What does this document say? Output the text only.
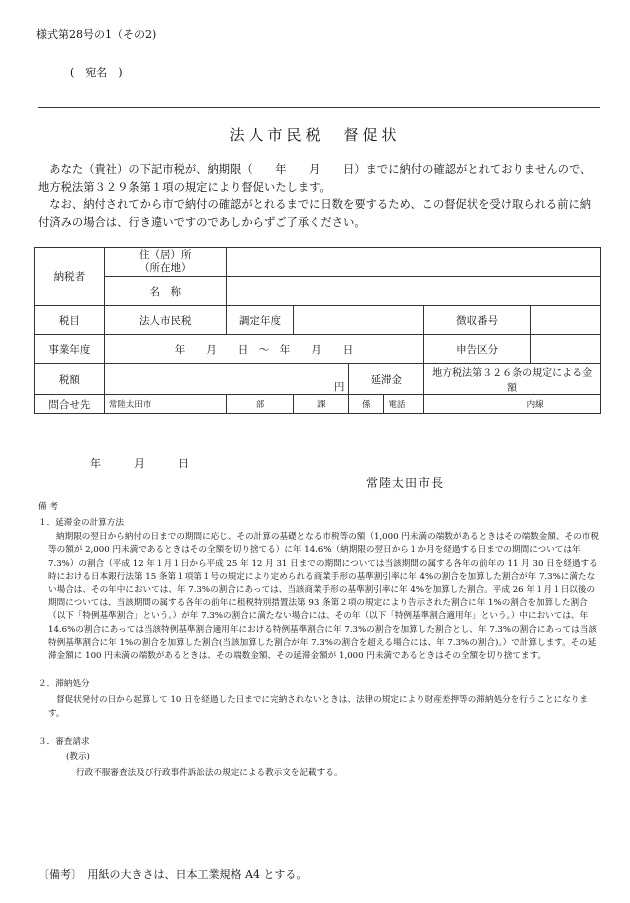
様式第28号の1（その2)
(　宛名　)
法人市民税　督促状

　あなた（貴社）の下記市税が、納期限（　　年　　月　　日）までに納付の確認がとれておりませんので、地方税法第３２９条第１項の規定により督促いたします。

　なお、納付されてから市で納付の確認がとれるまでに日数を要するため、この督促状を受け取られる前に納付済みの場合は、行き違いですのであしからずご了承ください。

納税者	住（居）所
（所在地）						
	名　称						
税目	法人市民税	調定年度				徴収番号	
事業年度	年　　月　　日　～　年　　月　　日					申告区分	
税額	円			延滞金		地方税法第３２６条の規定による金額	
問合せ先	常陸太田市	部	課	係	電話	内線	
年　　　月　　　日
常陸太田市長

備 考

１．延滞金の計算方法

納期限の翌日から納付の日までの期間に応じ、その計算の基礎となる市税等の額（1,000 円未満の端数があるときはその端数金額、その市税等の額が 2,000 円未満であるときはその全額を切り捨てる）に年 14.6%（納期限の翌日から１か月を経過する日までの期間については年 7.3%）の割合（平成 12 年１月１日から平成 25 年 12 月 31 日までの期間については当該期間の属する各年の前年の 11 月 30 日を経過する時における日本銀行法第 15 条第１項第１号の規定により定められる商業手形の基準割引率に年 4%の割合を加算した割合が年 7.3%に満たない場合は、その年中においては、年 7.3%の割合にあっては、当該商業手形の基準割引率に年 4%を加算した割合。平成 26 年１月１日以後の期間については、当該期間の属する各年の前年に租税特別措置法第 93 条第２項の規定により告示された割合に年 1%の割合を加算した割合（以下「特例基準割合」という。）が年 7.3%の割合に満たない場合には、その年（以下「特例基準割合適用年」という。）中においては、年 14.6%の割合にあっては当該特例基準割合適用年における特例基準割合に年 7.3%の割合を加算した割合とし、年 7.3%の割合にあっては当該特例基準割合に年 1%の割合を加算した割合(当該加算した割合が年 7.3%の割合を超える場合には、年 7.3%の割合)。）で計算します。その延滞金額に 100 円未満の端数があるときは、その端数金額、その延滞金額が 1,000 円未満であるときはその全額を切り捨てます。

２．滞納処分

督促状発付の日から起算して 10 日を経過した日までに完納されないときは、法律の規定により財産差押等の滞納処分を行うことになります。

３．審査請求

(教示)

行政不服審査法及び行政事件訴訟法の規定による教示文を記載する。

〔備考〕　用紙の大きさは、日本工業規格 A4 とする。
